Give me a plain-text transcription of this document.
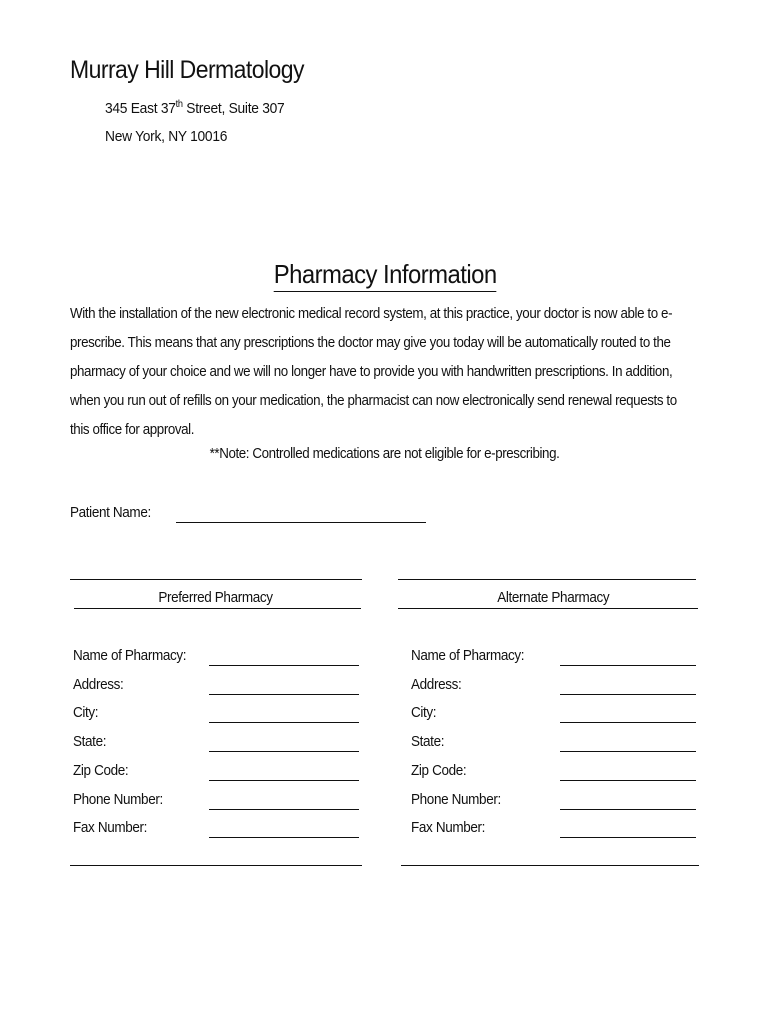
Murray Hill Dermatology
345 East 37th Street, Suite 307
New York, NY 10016
Pharmacy Information
With the installation of the new electronic medical record system, at this practice, your doctor is now able to e-prescribe. This means that any prescriptions the doctor may give you today will be automatically routed to the pharmacy of your choice and we will no longer have to provide you with handwritten prescriptions. In addition, when you run out of refills on your medication, the pharmacist can now electronically send renewal requests to this office for approval.
**Note: Controlled medications are not eligible for e-prescribing.
Patient Name:
Preferred Pharmacy
Name of Pharmacy:
Address:
City:
State:
Zip Code:
Phone Number:
Fax Number:
Alternate Pharmacy
Name of Pharmacy:
Address:
City:
State:
Zip Code:
Phone Number:
Fax Number:
